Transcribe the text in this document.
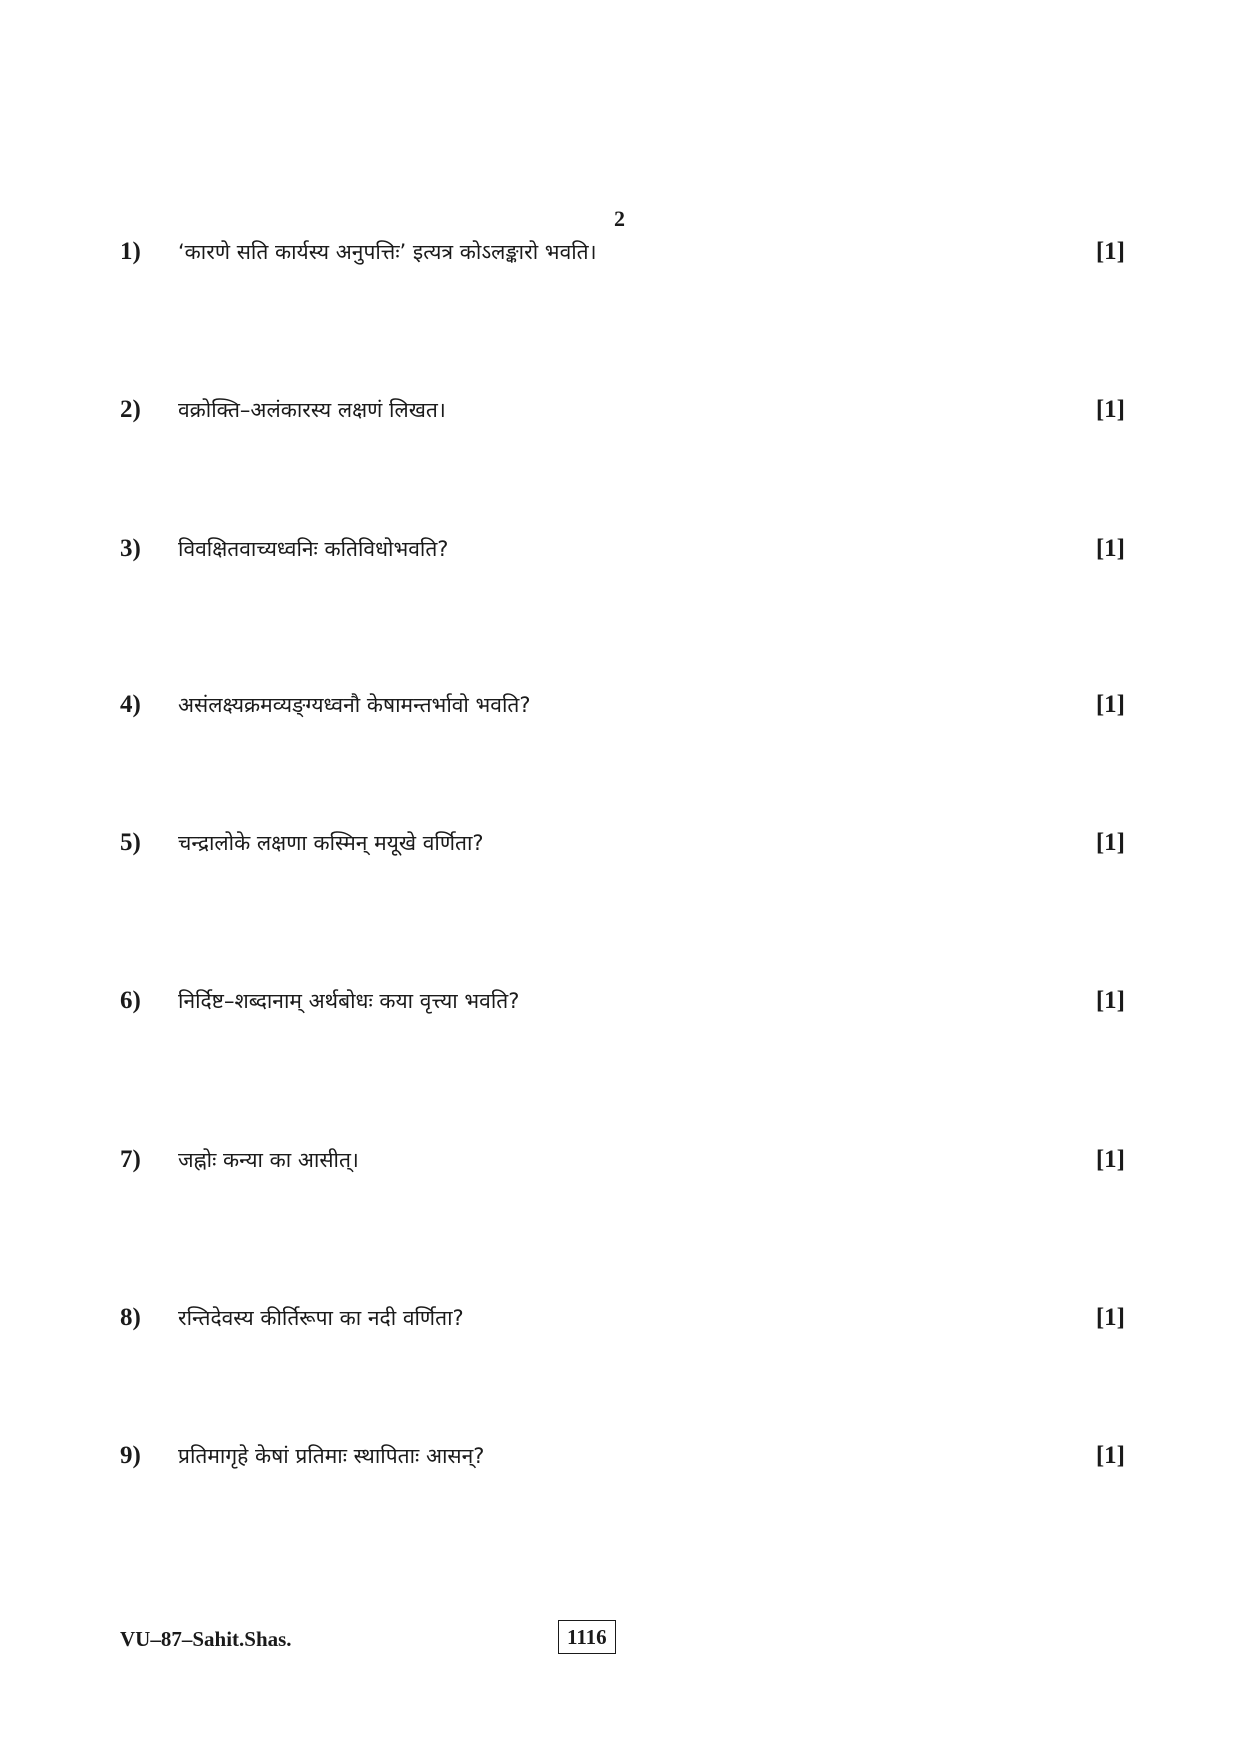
2
1) ‘कारणे सति कार्यस्य अनुपत्तिः’ इत्यत्र कोऽलङ्कारो भवति।	[1]
2) वक्रोक्ति–अलंकारस्य लक्षणं लिखत।	[1]
3) विवक्षितवाच्यध्वनिः कतिविधोभवति?	[1]
4) असंलक्ष्यक्रमव्यङ्ग्यध्वनौ केषामन्तर्भावो भवति?	[1]
5) चन्द्रालोके लक्षणा कस्मिन् मयूखे वर्णिता?	[1]
6) निर्दिष्ट–शब्दानाम् अर्थबोधः कया वृत्त्या भवति?	[1]
7) जह्नोः कन्या का आसीत्।	[1]
8) रन्तिदेवस्य कीर्तिरूपा का नदी वर्णिता?	[1]
9) प्रतिमागृहे केषां प्रतिमाः स्थापिताः आसन्?	[1]
VU–87–Sahit.Shas.	1116
